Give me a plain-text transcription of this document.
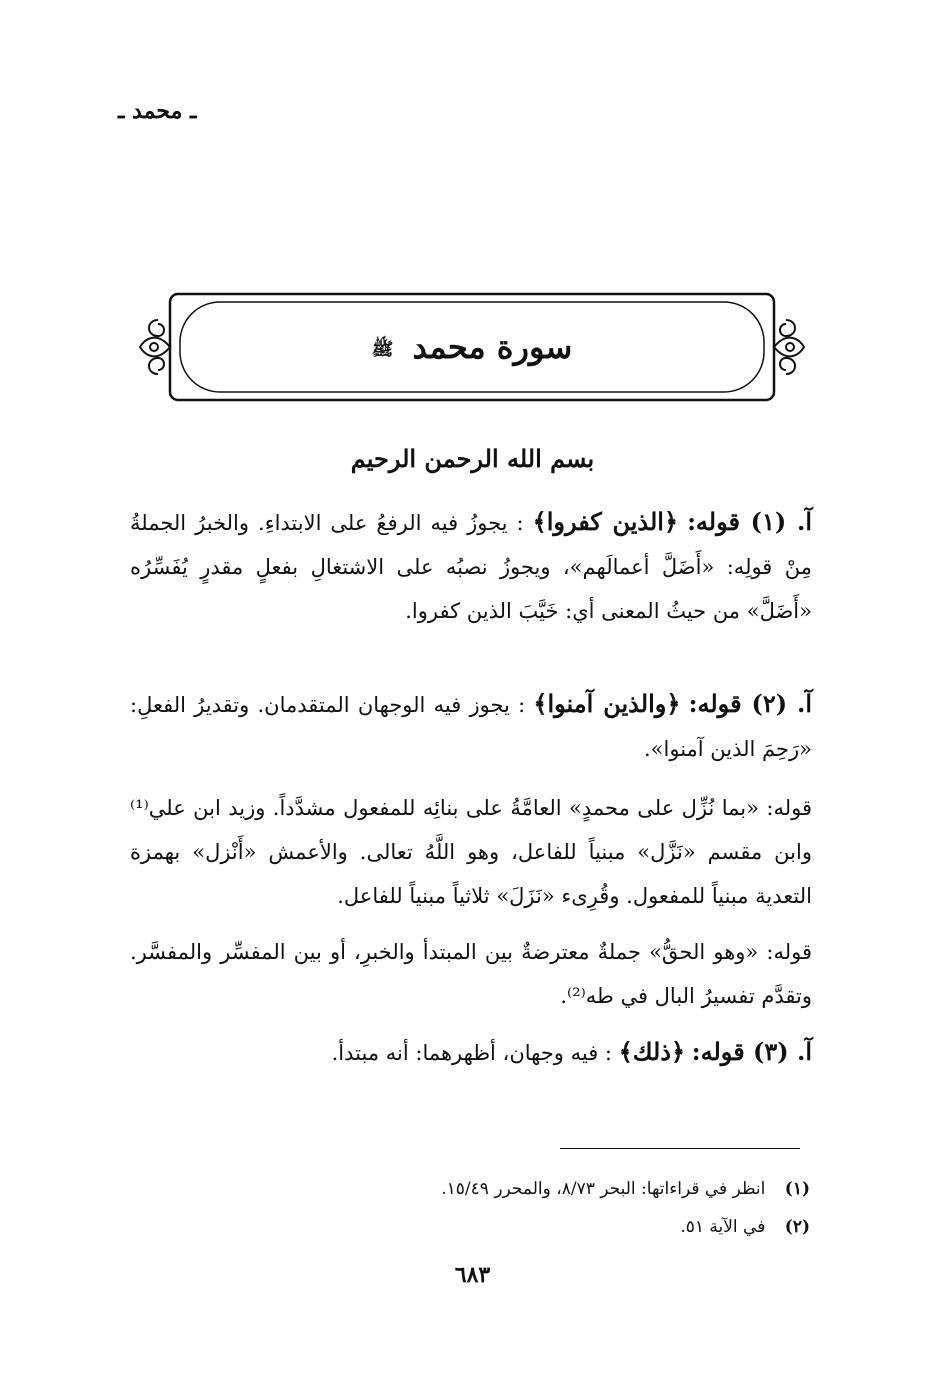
ـ محمد ـ
سورة محمد ﷺ
بسم الله الرحمن الرحيم
آ. (١) قوله: ﴿الذين كفروا﴾ : يجوزُ فيه الرفعُ على الابتداءِ. والخبرُ الجملةُ مِنْ قولِه: «أَضَلَّ أعمالَهم»، ويجوزُ نصبُه على الاشتغالِ بفعلٍ مقدرٍ يُفَسِّرُه «أَضَلَّ» من حيثُ المعنى أي: خَيَّبَ الذين كفروا.
آ. (٢) قوله: ﴿والذين آمنوا﴾ : يجوز فيه الوجهان المتقدمان. وتقديرُ الفعلِ: «رَحِمَ الذين آمنوا».
قوله: «بما نُزِّل على محمدٍ» العامَّةُ على بنائِه للمفعول مشدَّداً. وزيد ابن علي⁽¹⁾ وابن مقسم «نَزَّل» مبنياً للفاعل، وهو اللَّهُ تعالى. والأعمش «أَنْزل» بهمزة التعدية مبنياً للمفعول. وقُرِىء «نَزَلَ» ثلاثياً مبنياً للفاعل.
قوله: «وهو الحقُّ» جملةٌ معترضةٌ بين المبتدأ والخبرِ، أو بين المفسِّر والمفسَّر. وتقدَّم تفسيرُ البال في طه⁽²⁾.
آ. (٣) قوله: ﴿ذلك﴾ : فيه وجهان، أظهرهما: أنه مبتدأ.
(١) انظر في قراءاتها: البحر ٨/٧٣، والمحرر ١٥/٤٩.
(٢) في الآية ٥١.
٦٨٣
